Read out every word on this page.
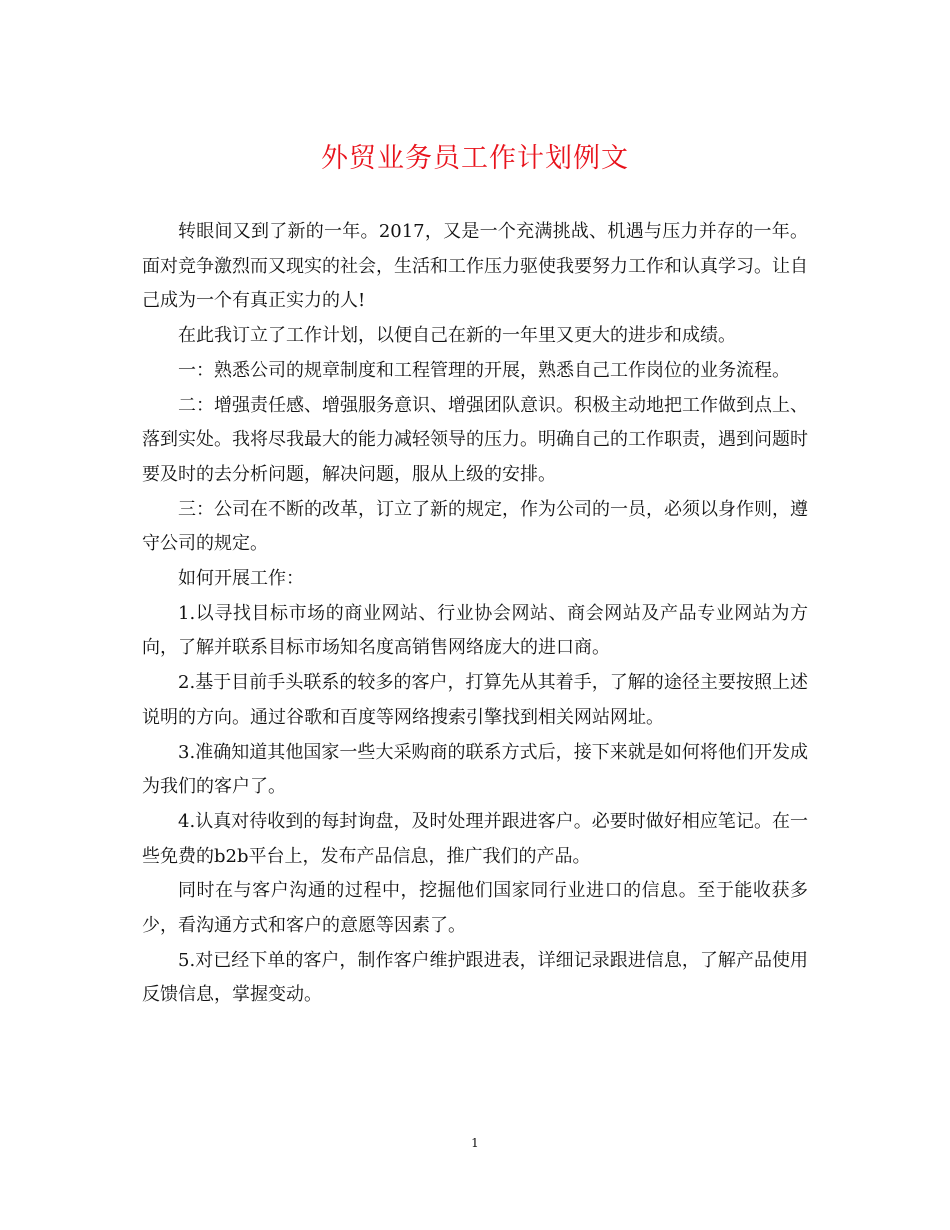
外贸业务员工作计划例文

转眼间又到了新的一年。2017，又是一个充满挑战、机遇与压力并存的一年。面对竞争激烈而又现实的社会，生活和工作压力驱使我要努力工作和认真学习。让自己成为一个有真正实力的人!

在此我订立了工作计划，以便自己在新的一年里又更大的进步和成绩。

一：熟悉公司的规章制度和工程管理的开展，熟悉自己工作岗位的业务流程。

二：增强责任感、增强服务意识、增强团队意识。积极主动地把工作做到点上、落到实处。我将尽我最大的能力减轻领导的压力。明确自己的工作职责，遇到问题时要及时的去分析问题，解决问题，服从上级的安排。

三：公司在不断的改革，订立了新的规定，作为公司的一员，必须以身作则，遵守公司的规定。

如何开展工作：

1.以寻找目标市场的商业网站、行业协会网站、商会网站及产品专业网站为方向，了解并联系目标市场知名度高销售网络庞大的进口商。

2.基于目前手头联系的较多的客户，打算先从其着手，了解的途径主要按照上述说明的方向。通过谷歌和百度等网络搜索引擎找到相关网站网址。

3.准确知道其他国家一些大采购商的联系方式后，接下来就是如何将他们开发成为我们的客户了。

4.认真对待收到的每封询盘，及时处理并跟进客户。必要时做好相应笔记。在一些免费的b2b平台上，发布产品信息，推广我们的产品。

同时在与客户沟通的过程中，挖掘他们国家同行业进口的信息。至于能收获多少，看沟通方式和客户的意愿等因素了。

5.对已经下单的客户，制作客户维护跟进表，详细记录跟进信息，了解产品使用反馈信息，掌握变动。

1
